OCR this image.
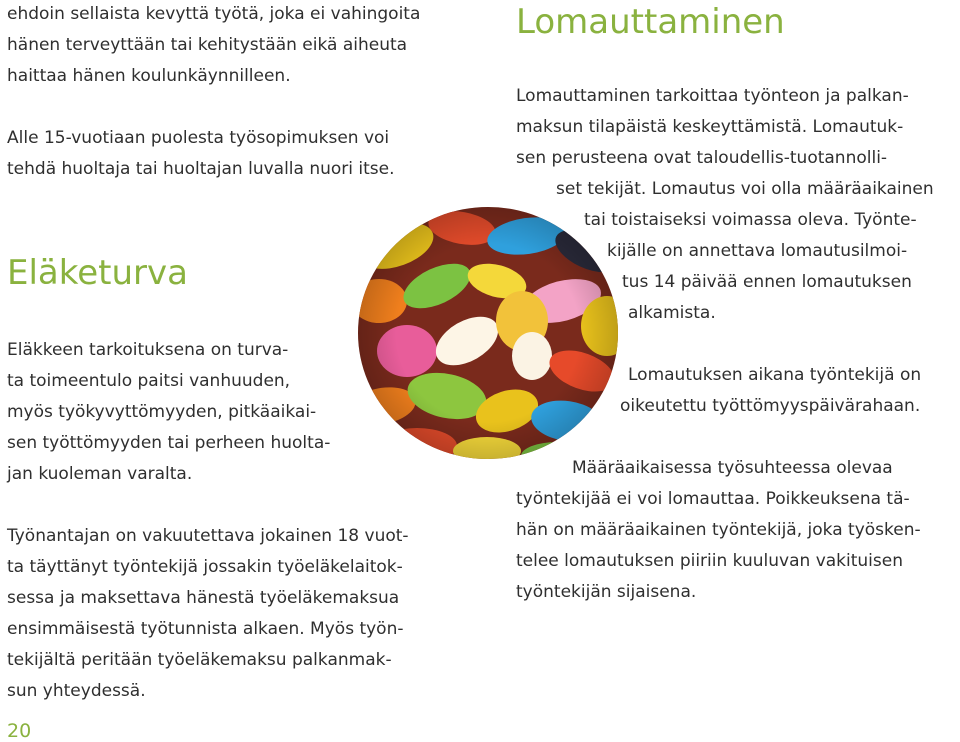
ehdoin sellaista kevyttä työtä, joka ei vahingoita
hänen terveyttään tai kehitystään eikä aiheuta
haittaa hänen koulunkäynnilleen.
Alle 15-vuotiaan puolesta työsopimuksen voi
tehdä huoltaja tai huoltajan luvalla nuori itse.
Eläketurva
Eläkkeen tarkoituksena on turva-
ta toimeentulo paitsi vanhuuden,
myös työkyvyttömyyden, pitkäaikai-
sen työttömyyden tai perheen huolta-
jan kuoleman varalta.
Työnantajan on vakuutettava jokainen 18 vuot-
ta täyttänyt työntekijä jossakin työeläkelaitok-
sessa ja maksettava hänestä työeläkemaksua
ensimmäisestä työtunnista alkaen. Myös työn-
tekijältä peritään työeläkemaksu palkanmak-
sun yhteydessä.
20
Lomauttaminen
Lomauttaminen tarkoittaa työnteon ja palkan-
maksun tilapäistä keskeyttämistä. Lomautuk-
sen perusteena ovat taloudellis-tuotannolli-
set tekijät. Lomautus voi olla määräaikainen
tai toistaiseksi voimassa oleva. Työnte-
kijälle on annettava lomautusilmoi-
tus 14 päivää ennen lomautuksen
alkamista.
Lomautuksen aikana työntekijä on
oikeutettu työttömyyspäivärahaan.
Määräaikaisessa työsuhteessa olevaa
työntekijää ei voi lomauttaa. Poikkeuksena tä-
hän on määräaikainen työntekijä, joka työsken-
telee lomautuksen piiriin kuuluvan vakituisen
työntekijän sijaisena.
